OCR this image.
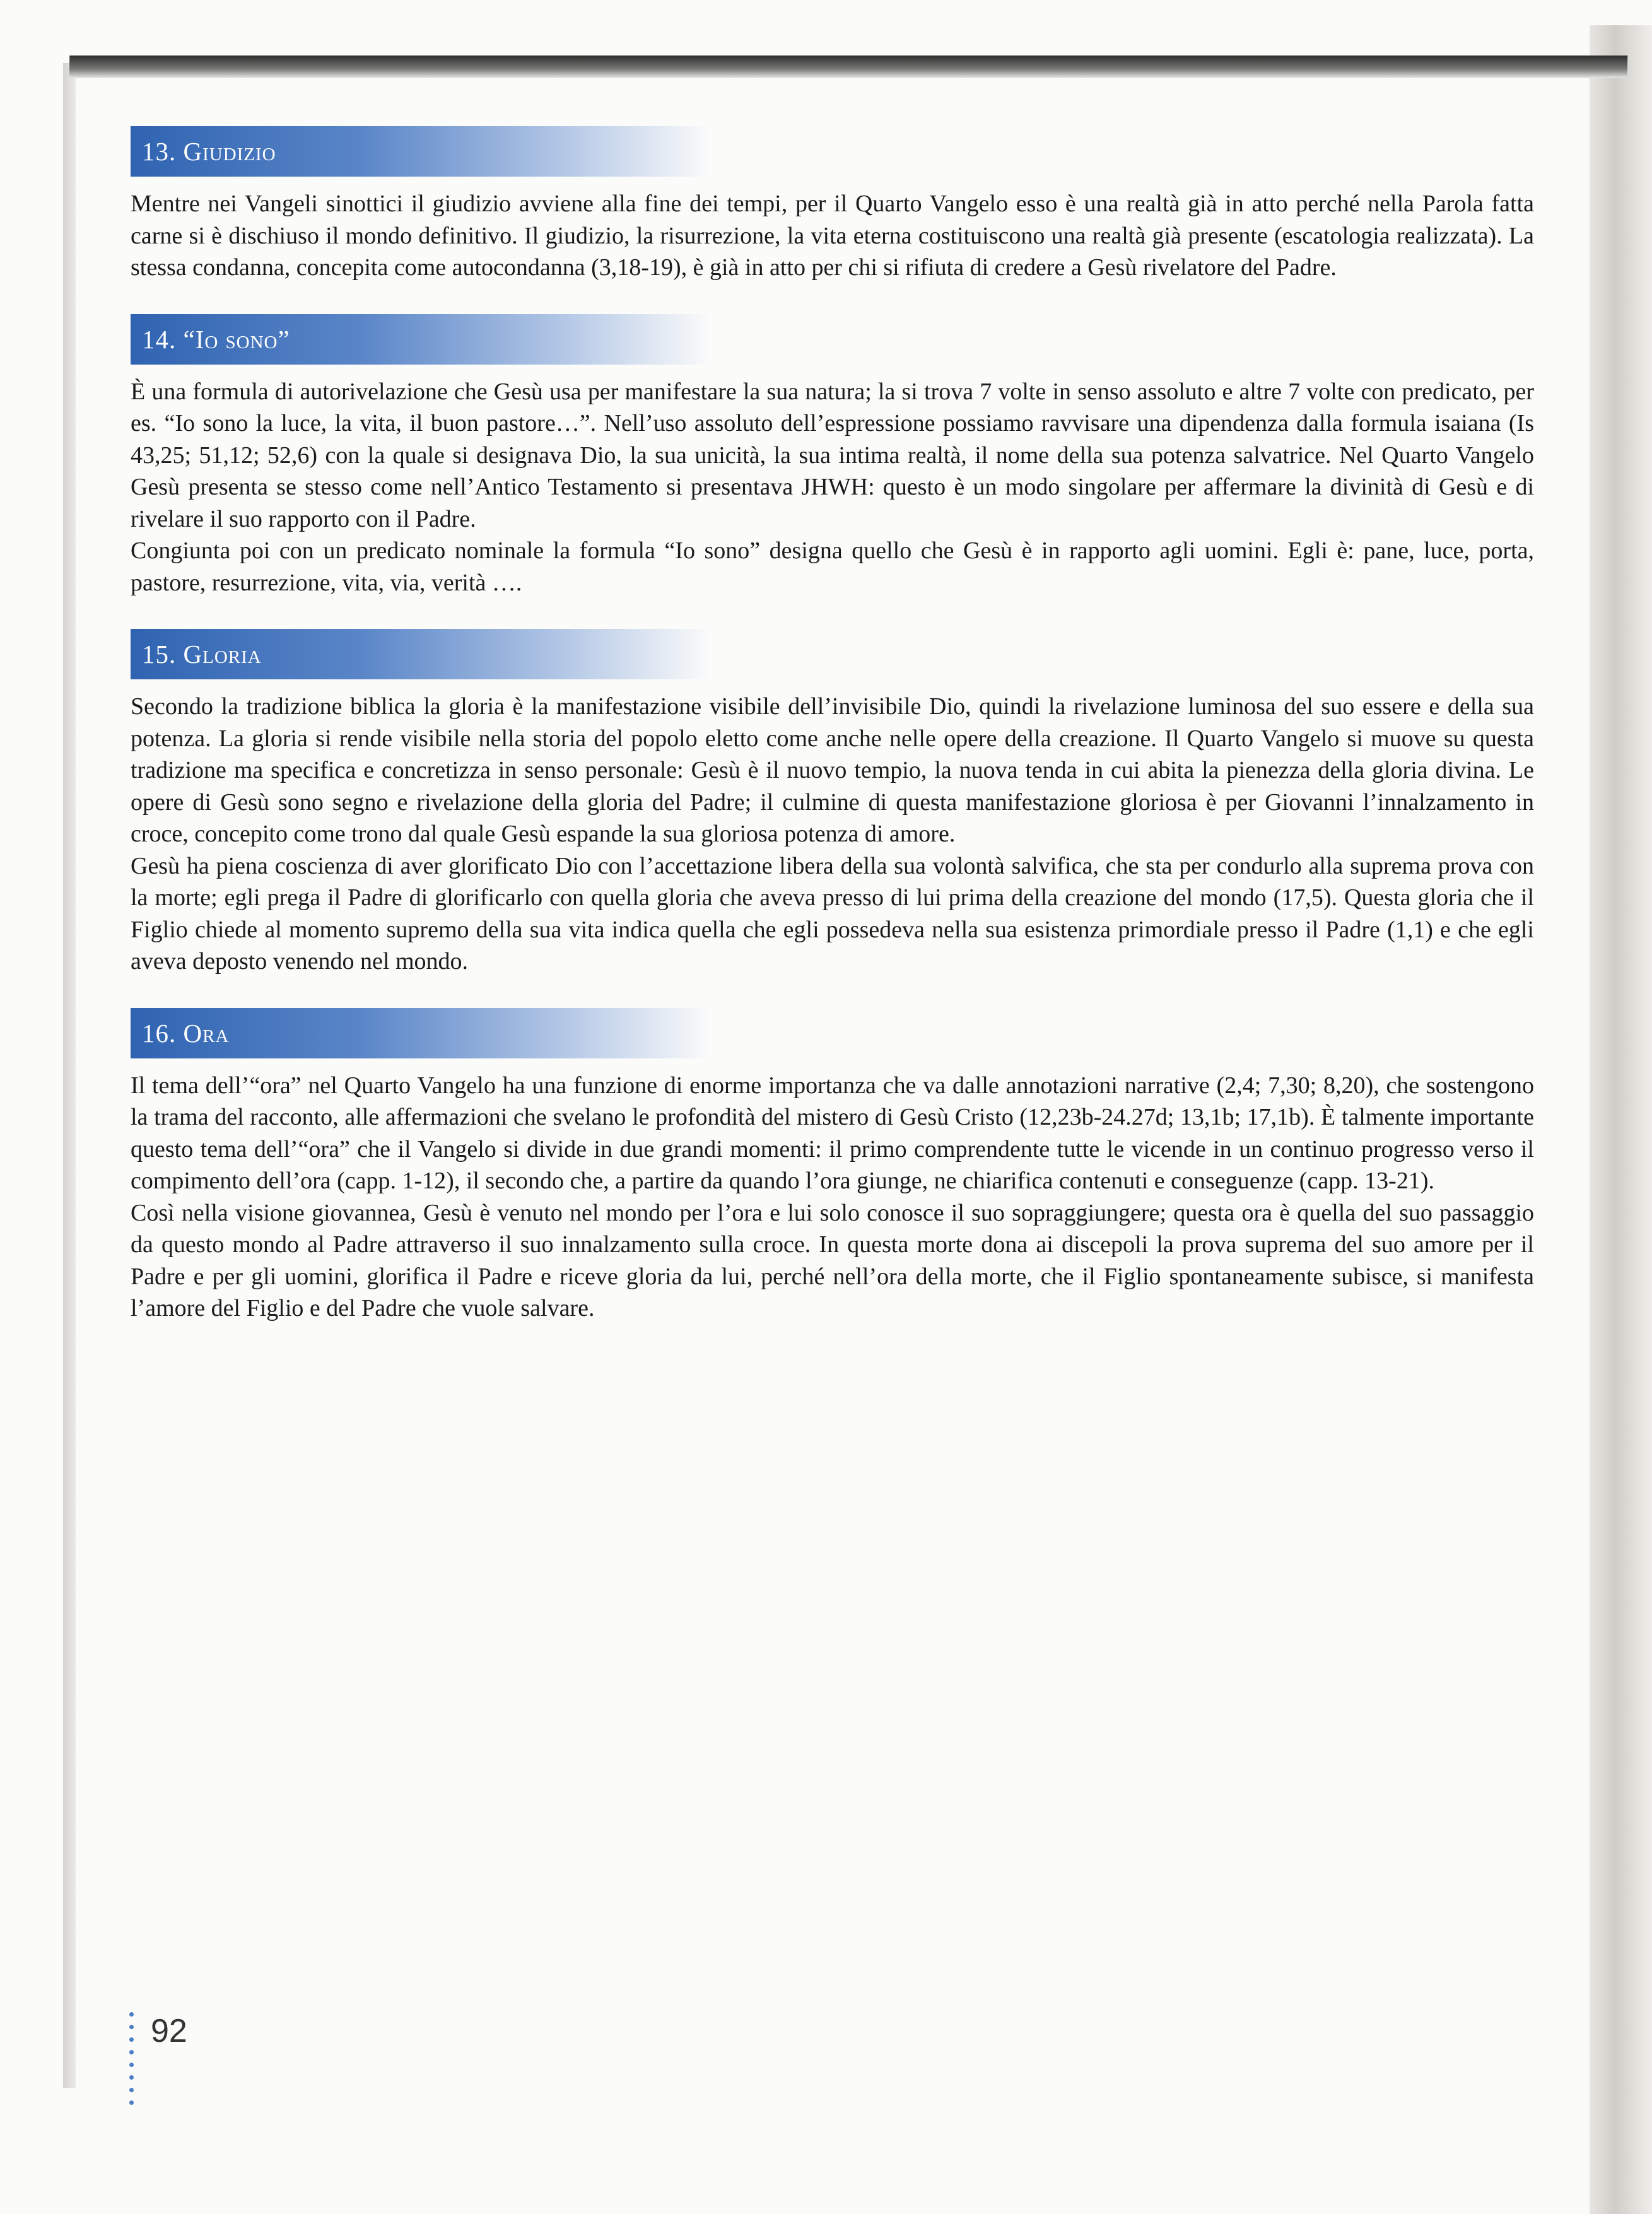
13. Giudizio

Mentre nei Vangeli sinottici il giudizio avviene alla fine dei tempi, per il Quarto Vangelo esso è una realtà già in atto perché nella Parola fatta carne si è dischiuso il mondo definitivo. Il giudizio, la risurrezione, la vita eterna costituiscono una realtà già presente (escatologia realizzata). La stessa condanna, concepita come autocondanna (3,18-19), è già in atto per chi si rifiuta di credere a Gesù rivelatore del Padre.

14. “Io sono”

È una formula di autorivelazione che Gesù usa per manifestare la sua natura; la si trova 7 volte in senso assoluto e altre 7 volte con predicato, per es. “Io sono la luce, la vita, il buon pastore…”. Nell’uso assoluto dell’espressione possiamo ravvisare una dipendenza dalla formula isaiana (Is 43,25; 51,12; 52,6) con la quale si designava Dio, la sua unicità, la sua intima realtà, il nome della sua potenza salvatrice. Nel Quarto Vangelo Gesù presenta se stesso come nell’Antico Testamento si presentava JHWH: questo è un modo singolare per affermare la divinità di Gesù e di rivelare il suo rapporto con il Padre.

Congiunta poi con un predicato nominale la formula “Io sono” designa quello che Gesù è in rapporto agli uomini. Egli è: pane, luce, porta, pastore, resurrezione, vita, via, verità ….

15. Gloria

Secondo la tradizione biblica la gloria è la manifestazione visibile dell’invisibile Dio, quindi la rivelazione luminosa del suo essere e della sua potenza. La gloria si rende visibile nella storia del popolo eletto come anche nelle opere della creazione. Il Quarto Vangelo si muove su questa tradizione ma specifica e concretizza in senso personale: Gesù è il nuovo tempio, la nuova tenda in cui abita la pienezza della gloria divina. Le opere di Gesù sono segno e rivelazione della gloria del Padre; il culmine di questa manifestazione gloriosa è per Giovanni l’innalzamento in croce, concepito come trono dal quale Gesù espande la sua gloriosa potenza di amore.

Gesù ha piena coscienza di aver glorificato Dio con l’accettazione libera della sua volontà salvifica, che sta per condurlo alla suprema prova con la morte; egli prega il Padre di glorificarlo con quella gloria che aveva presso di lui prima della creazione del mondo (17,5). Questa gloria che il Figlio chiede al momento supremo della sua vita indica quella che egli possedeva nella sua esistenza primordiale presso il Padre (1,1) e che egli aveva deposto venendo nel mondo.

16. Ora

Il tema dell’“ora” nel Quarto Vangelo ha una funzione di enorme importanza che va dalle annotazioni narrative (2,4; 7,30; 8,20), che sostengono la trama del racconto, alle affermazioni che svelano le profondità del mistero di Gesù Cristo (12,23b-24.27d; 13,1b; 17,1b). È talmente importante questo tema dell’“ora” che il Vangelo si divide in due grandi momenti: il primo comprendente tutte le vicende in un continuo progresso verso il compimento dell’ora (capp. 1-12), il secondo che, a partire da quando l’ora giunge, ne chiarifica contenuti e conseguenze (capp. 13-21).

Così nella visione giovannea, Gesù è venuto nel mondo per l’ora e lui solo conosce il suo sopraggiungere; questa ora è quella del suo passaggio da questo mondo al Padre attraverso il suo innalzamento sulla croce. In questa morte dona ai discepoli la prova suprema del suo amore per il Padre e per gli uomini, glorifica il Padre e riceve gloria da lui, perché nell’ora della morte, che il Figlio spontaneamente subisce, si manifesta l’amore del Figlio e del Padre che vuole salvare.

92
